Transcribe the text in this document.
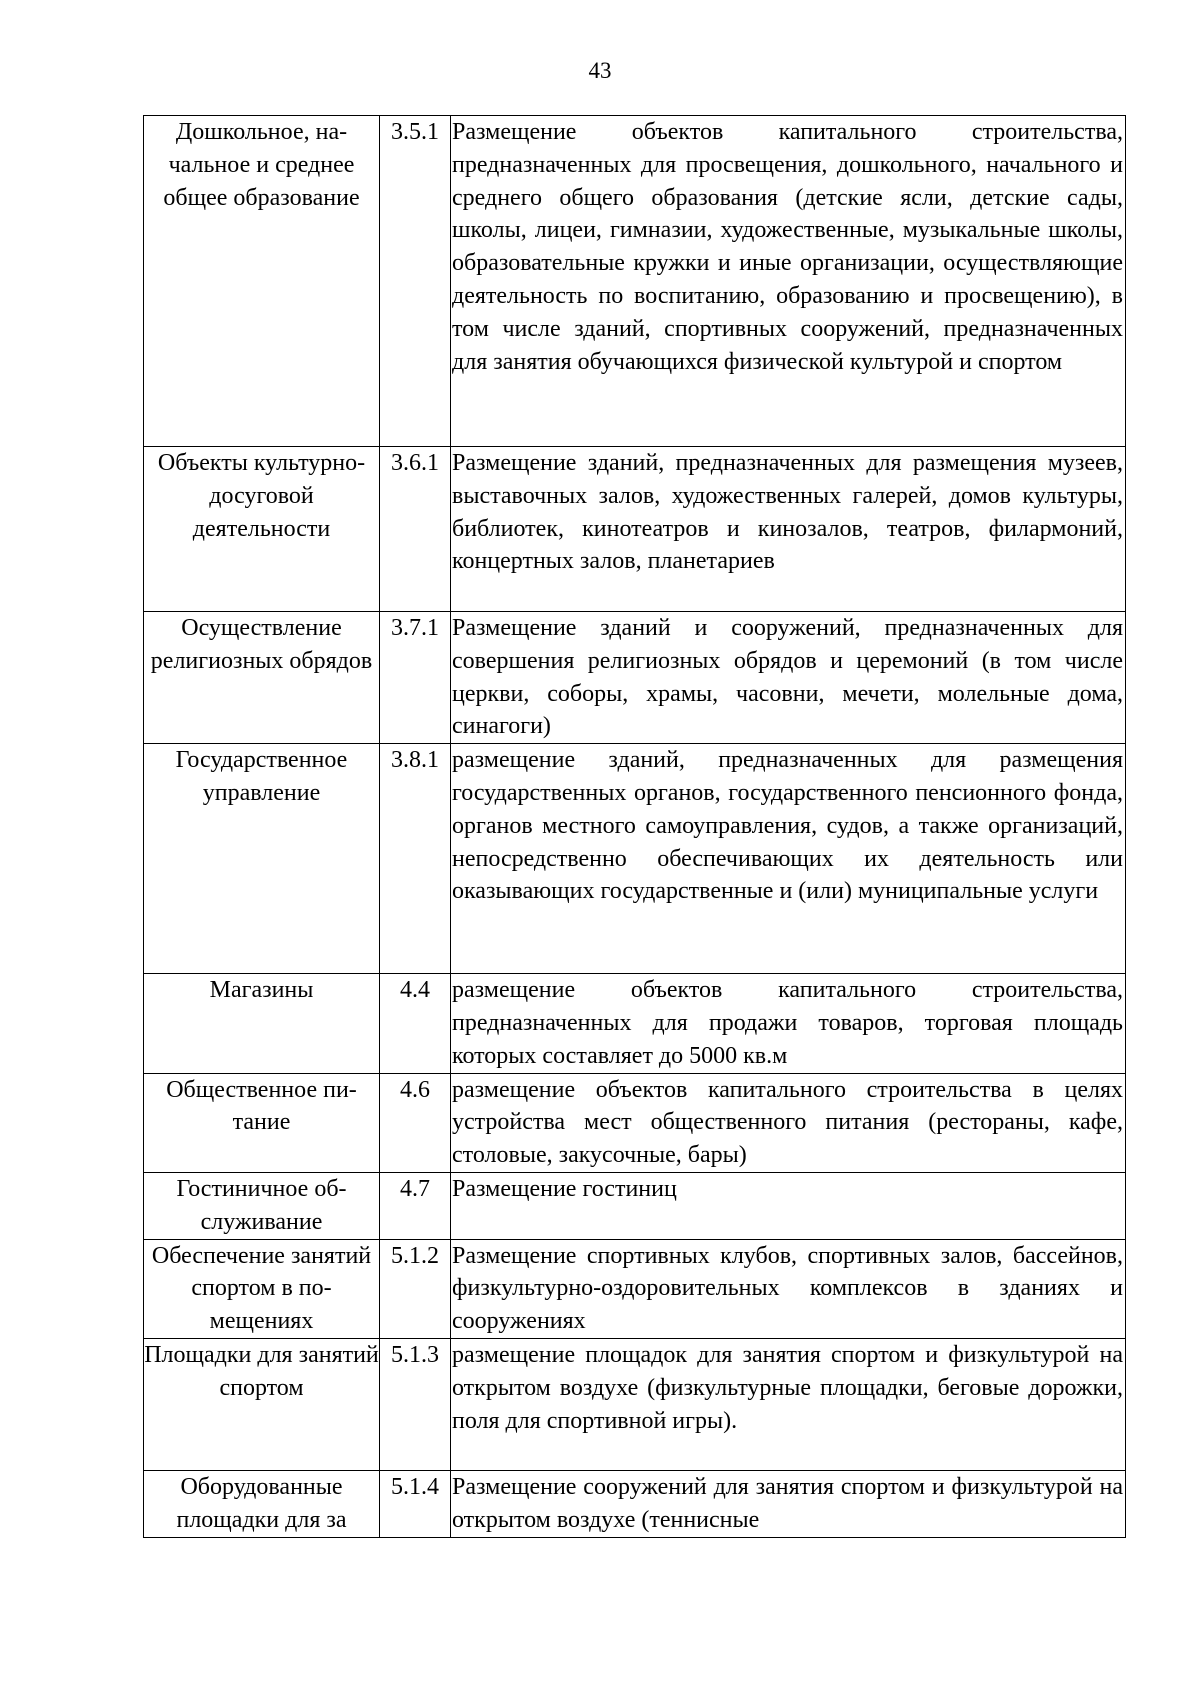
43
Дошкольное, начальное и среднее общее образование	3.5.1	Размещение объектов капитального строительства, предназначенных для просвещения, дошкольного, начального и среднего общего образования (детские ясли, детские сады, школы, лицеи, гимназии, художественные, музыкальные школы, образовательные кружки и иные организации, осуществляющие деятельность по воспитанию, образованию и просвещению), в том числе зданий, спортивных сооружений, предназначенных для занятия обучающихся физической культурой и спортом
Объекты культурно-досуговой деятельности	3.6.1	Размещение зданий, предназначенных для размещения музеев, выставочных залов, художественных галерей, домов культуры, библиотек, кинотеатров и кинозалов, театров, филармоний, концертных залов, планетариев
Осуществление религиозных обрядов	3.7.1	Размещение зданий и сооружений, предназначенных для совершения религиозных обрядов и церемоний (в том числе церкви, соборы, храмы, часовни, мечети, молельные дома, синагоги)
Государственное управление	3.8.1	размещение зданий, предназначенных для размещения государственных органов, государственного пенсионного фонда, органов местного самоуправления, судов, а также организаций, непосредственно обеспечивающих их деятельность или оказывающих государственные и (или) муниципальные услуги
Магазины	4.4	размещение объектов капитального строительства, предназначенных для продажи товаров, торговая площадь которых составляет до 5000 кв.м
Общественное питание	4.6	размещение объектов капитального строительства в целях устройства мест общественного питания (рестораны, кафе, столовые, закусочные, бары)
Гостиничное обслуживание	4.7	Размещение гостиниц
Обеспечение занятий спортом в помещениях	5.1.2	Размещение спортивных клубов, спортивных залов, бассейнов, физкультурно-оздоровительных комплексов в зданиях и сооружениях
Площадки для занятий спортом	5.1.3	размещение площадок для занятия спортом и физкультурой на открытом воздухе (физкультурные площадки, беговые дорожки, поля для спортивной игры).
Оборудованные площадки для за	5.1.4	Размещение сооружений для занятия спортом и физкультурой на открытом воздухе (теннисные
